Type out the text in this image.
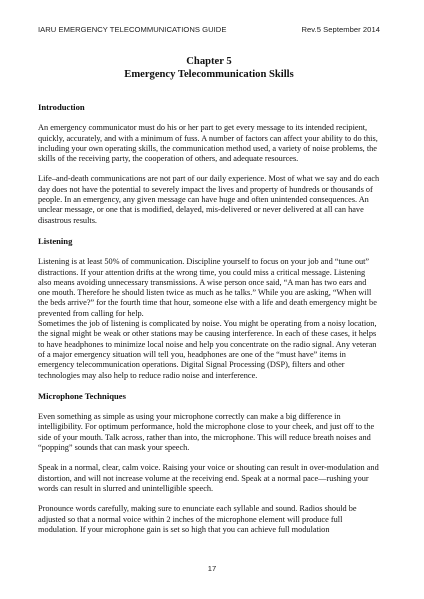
IARU EMERGENCY TELECOMMUNICATIONS GUIDE	Rev.5 September 2014

Chapter 5

Emergency Telecommunication Skills

Introduction

An emergency communicator must do his or her part to get every message to its intended recipient, quickly, accurately, and with a minimum of fuss. A number of factors can affect your ability to do this, including your own operating skills, the communication method used, a variety of noise problems, the skills of the receiving party, the cooperation of others, and adequate resources.

Life–and-death communications are not part of our daily experience. Most of what we say and do each day does not have the potential to severely impact the lives and property of hundreds or thousands of people. In an emergency, any given message can have huge and often unintended consequences. An unclear message, or one that is modified, delayed, mis-delivered or never delivered at all can have disastrous results.

Listening

Listening is at least 50% of communication. Discipline yourself to focus on your job and “tune out” distractions. If your attention drifts at the wrong time, you could miss a critical message. Listening also means avoiding unnecessary transmissions. A wise person once said, “A man has two ears and one mouth. Therefore he should listen twice as much as he talks.” While you are asking, “When will the beds arrive?” for the fourth time that hour, someone else with a life and death emergency might be prevented from calling for help.

Sometimes the job of listening is complicated by noise. You might be operating from a noisy location, the signal might be weak or other stations may be causing interference. In each of these cases, it helps to have headphones to minimize local noise and help you concentrate on the radio signal. Any veteran of a major emergency situation will tell you, headphones are one of the “must have” items in emergency telecommunication operations. Digital Signal Processing (DSP), filters and other technologies may also help to reduce radio noise and interference.

Microphone Techniques

Even something as simple as using your microphone correctly can make a big difference in intelligibility. For optimum performance, hold the microphone close to your cheek, and just off to the side of your mouth. Talk across, rather than into, the microphone. This will reduce breath noises and “popping” sounds that can mask your speech.

Speak in a normal, clear, calm voice. Raising your voice or shouting can result in over-modulation and distortion, and will not increase volume at the receiving end. Speak at a normal pace—rushing your words can result in slurred and unintelligible speech.

Pronounce words carefully, making sure to enunciate each syllable and sound. Radios should be adjusted so that a normal voice within 2 inches of the microphone element will produce full modulation. If your microphone gain is set so high that you can achieve full modulation

17
